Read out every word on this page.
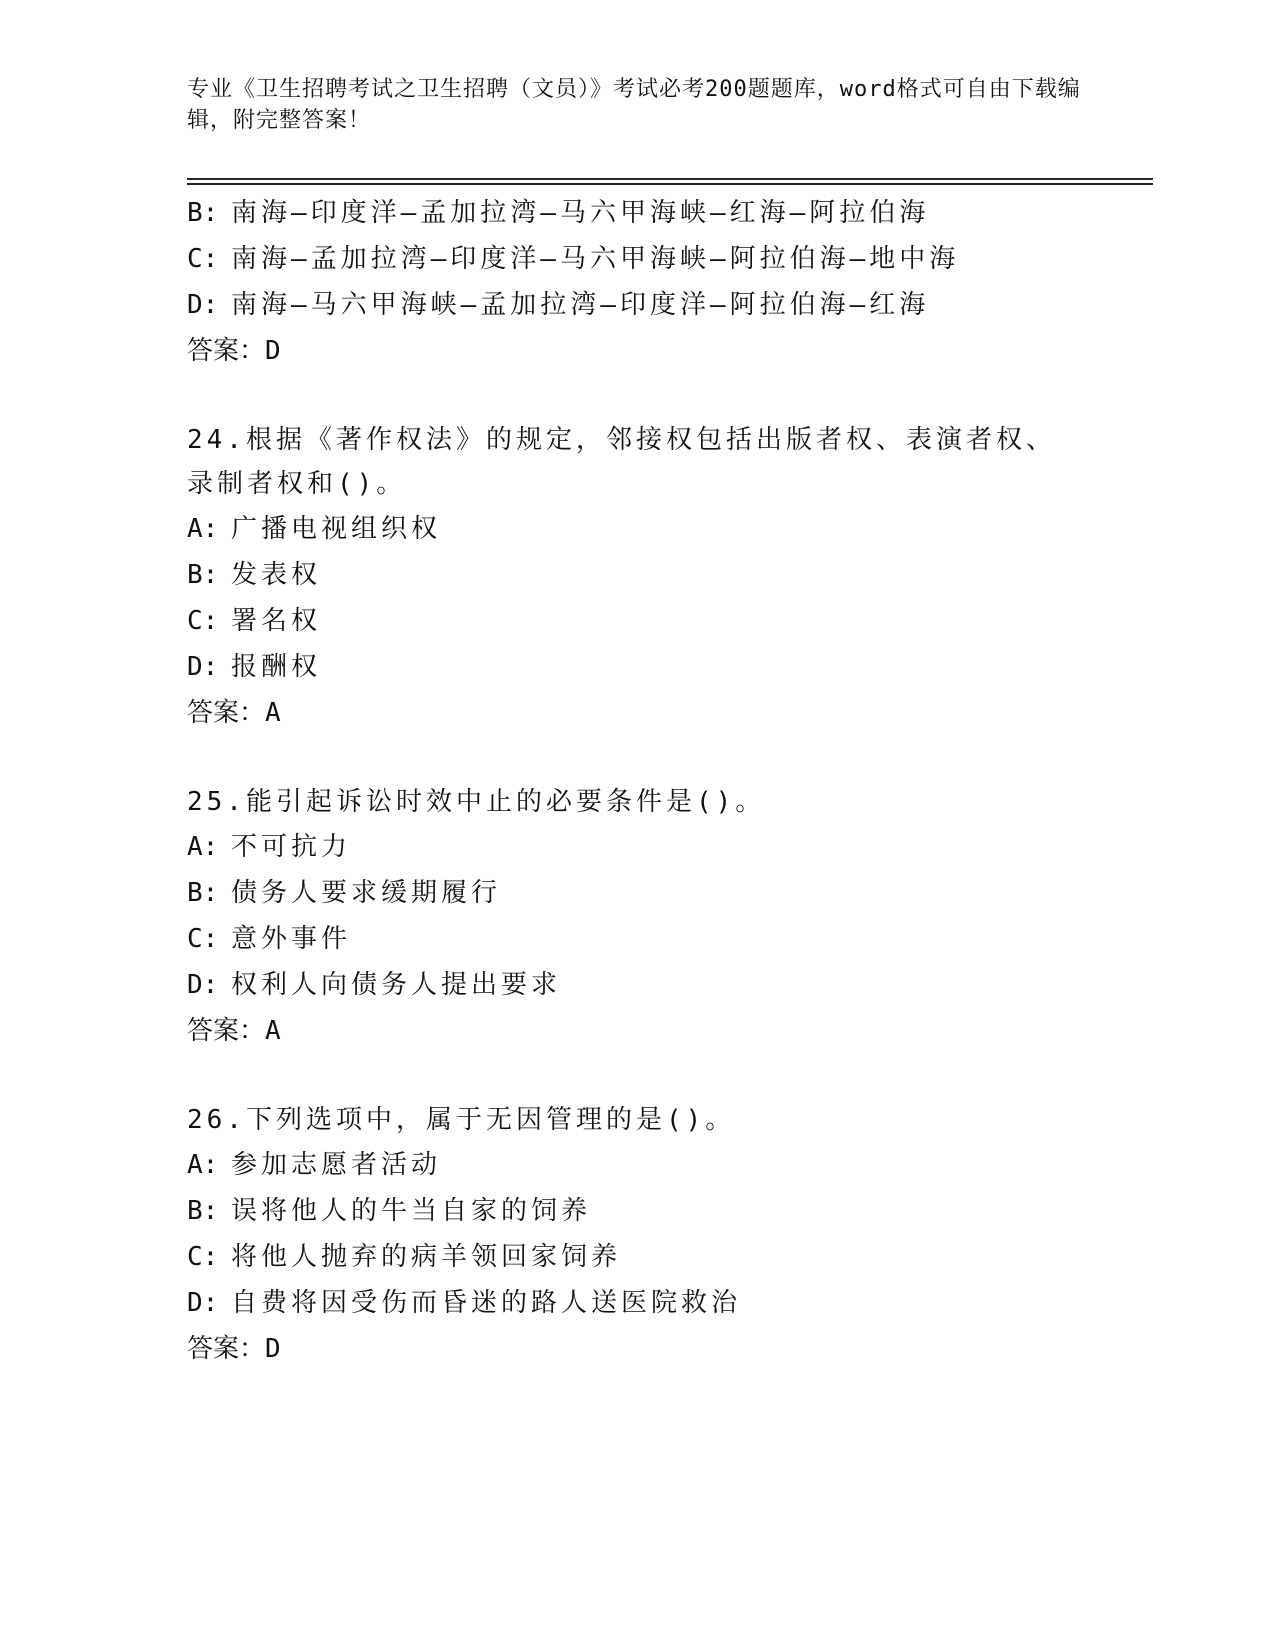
专业《卫生招聘考试之卫生招聘（文员）》考试必考200题题库，word格式可自由下载编辑，附完整答案！
B: 南海—印度洋—孟加拉湾—马六甲海峡—红海—阿拉伯海
C: 南海—孟加拉湾—印度洋—马六甲海峡—阿拉伯海—地中海
D: 南海—马六甲海峡—孟加拉湾—印度洋—阿拉伯海—红海
答案：D
24.根据《著作权法》的规定，邻接权包括出版者权、表演者权、录制者权和()。
A: 广播电视组织权
B: 发表权
C: 署名权
D: 报酬权
答案：A
25.能引起诉讼时效中止的必要条件是()。
A: 不可抗力
B: 债务人要求缓期履行
C: 意外事件
D: 权利人向债务人提出要求
答案：A
26.下列选项中，属于无因管理的是()。
A: 参加志愿者活动
B: 误将他人的牛当自家的饲养
C: 将他人抛弃的病羊领回家饲养
D: 自费将因受伤而昏迷的路人送医院救治
答案：D
